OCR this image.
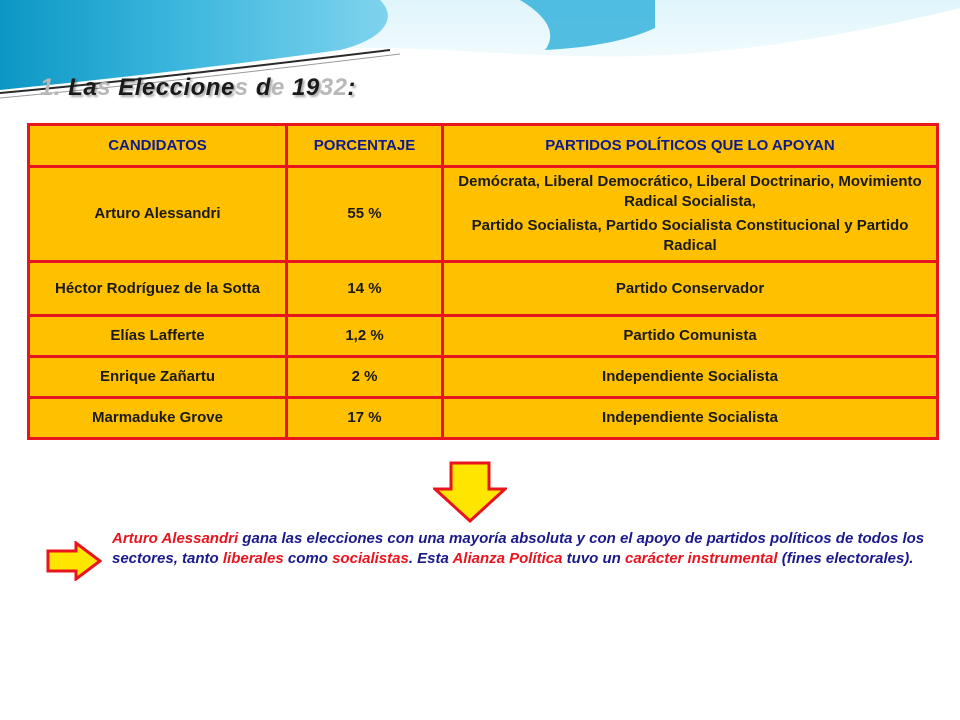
1. Las Elecciones de 1932:
CANDIDATOS	PORCENTAJE	PARTIDOS POLÍTICOS QUE LO APOYAN
Arturo Alessandri	55 %	Demócrata, Liberal Democrático, Liberal Doctrinario, Movimiento Radical Socialista,
Partido Socialista, Partido Socialista Constitucional y Partido Radical

Héctor Rodríguez de la Sotta	14 %	Partido Conservador
Elías Lafferte	1,2 %	Partido Comunista
Enrique Zañartu	2 %	Independiente Socialista
Marmaduke Grove	17 %	Independiente Socialista

Arturo Alessandri gana las elecciones con una mayoría absoluta y con el apoyo de partidos políticos de todos los sectores, tanto liberales como socialistas. Esta Alianza Política tuvo un carácter instrumental (fines electorales).
